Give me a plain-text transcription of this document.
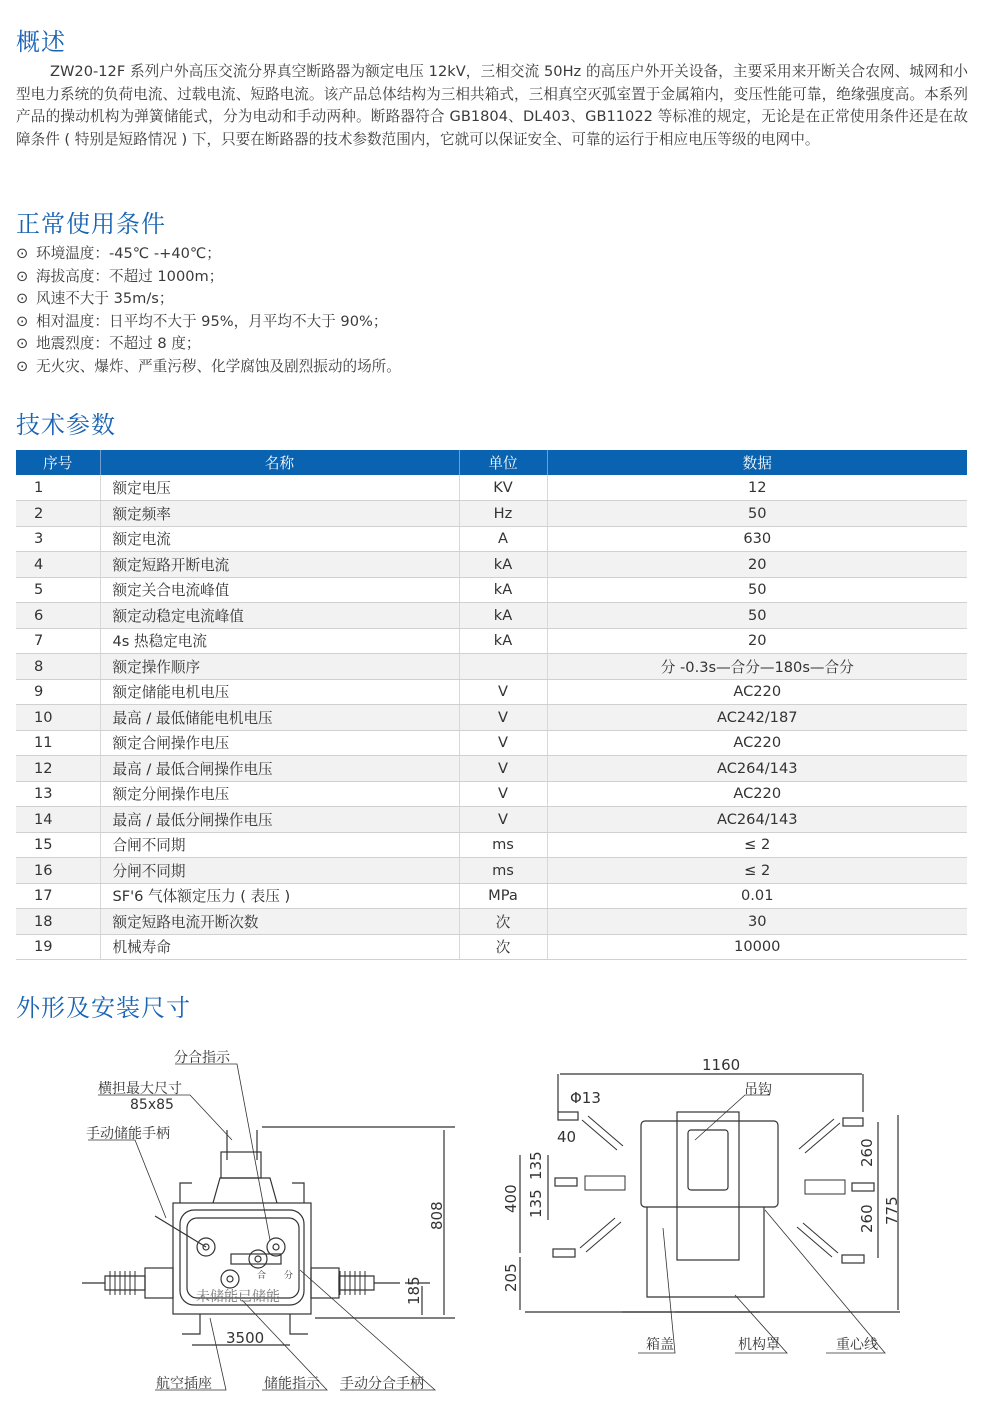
概述

ZW20-12F 系列户外高压交流分界真空断路器为额定电压 12kV，三相交流 50Hz 的高压户外开关设备，主要采用来开断关合农网、城网和小型电力系统的负荷电流、过载电流、短路电流。该产品总体结构为三相共箱式，三相真空灭弧室置于金属箱内，变压性能可靠，绝缘强度高。本系列产品的操动机构为弹簧储能式，分为电动和手动两种。断路器符合 GB1804、DL403、GB11022 等标准的规定，无论是在正常使用条件还是在故障条件 ( 特别是短路情况 ) 下，只要在断路器的技术参数范围内，它就可以保证安全、可靠的运行于相应电压等级的电网中。

正常使用条件
⊙ 环境温度：-45℃ -+40℃；
⊙ 海拔高度：不超过 1000m；
⊙ 风速不大于 35m/s；
⊙ 相对温度：日平均不大于 95%，月平均不大于 90%；
⊙ 地震烈度：不超过 8 度；
⊙ 无火灾、爆炸、严重污秽、化学腐蚀及剧烈振动的场所。
技术参数
序号	名称	单位	数据
1	额定电压	KV	12
2	额定频率	Hz	50
3	额定电流	A	630
4	额定短路开断电流	kA	20
5	额定关合电流峰值	kA	50
6	额定动稳定电流峰值	kA	50
7	4s 热稳定电流	kA	20
8	额定操作顺序		分 -0.3s—合分—180s—合分
9	额定储能电机电压	V	AC220
10	最高 / 最低储能电机电压	V	AC242/187
11	额定合闸操作电压	V	AC220
12	最高 / 最低合闸操作电压	V	AC264/143
13	额定分闸操作电压	V	AC220
14	最高 / 最低分闸操作电压	V	AC264/143
15	合闸不同期	ms	≤ 2
16	分闸不同期	ms	≤ 2
17	SF'6 气体额定压力 ( 表压 )	MPa	0.01
18	额定短路电流开断次数	次	30
19	机械寿命	次	10000
外形及安装尺寸
分合指示
横担最大尺寸
85x85
手动储能手柄
航空插座	储能指示 手动分合手柄
未储能已储能
合 分
808
185
3500
吊钩
箱盖	机构罩	重心线
1160
Φ13
40
135
135
400
205
260
260 775
